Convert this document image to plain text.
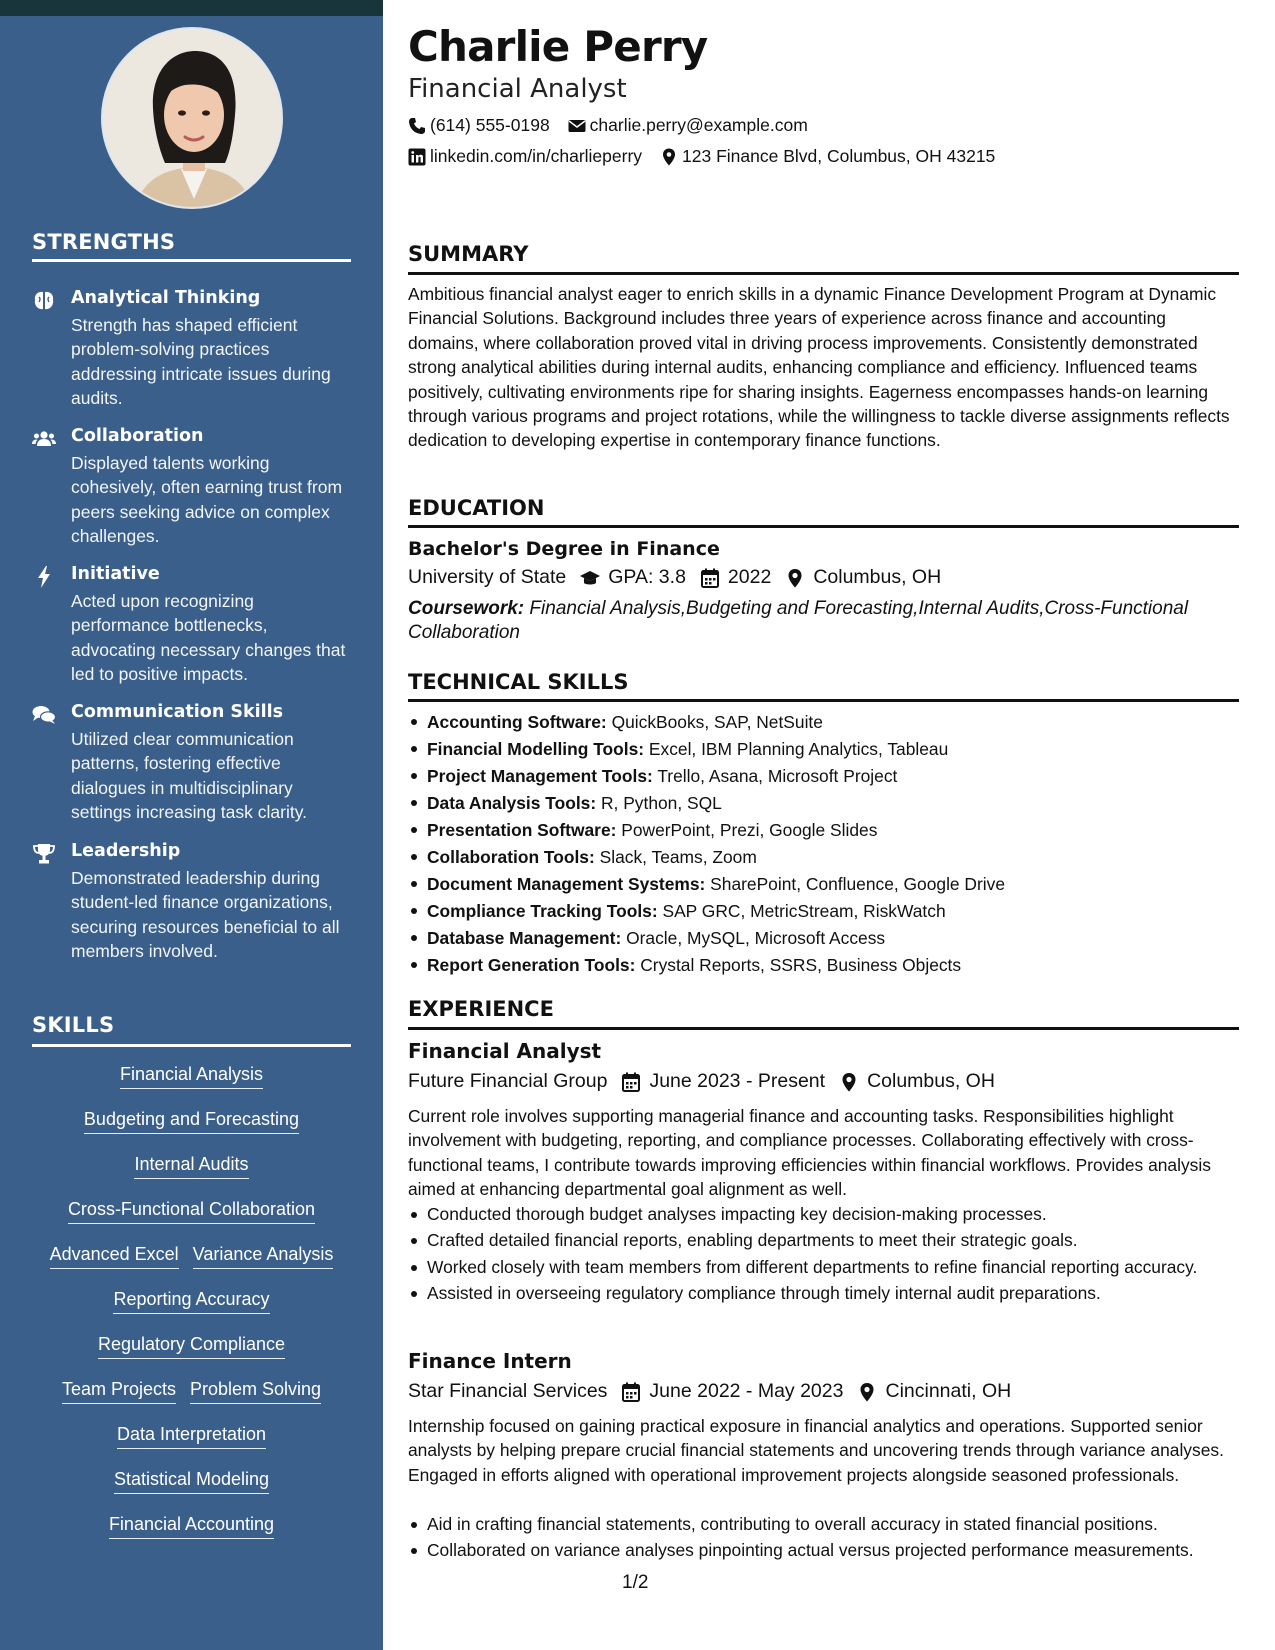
STRENGTHS
Analytical Thinking
Strength has shaped efficient problem-solving practices addressing intricate issues during audits.
Collaboration
Displayed talents working cohesively, often earning trust from peers seeking advice on complex challenges.
Initiative
Acted upon recognizing performance bottlenecks, advocating necessary changes that led to positive impacts.
Communication Skills
Utilized clear communication patterns, fostering effective dialogues in multidisciplinary settings increasing task clarity.
Leadership
Demonstrated leadership during student-led finance organizations, securing resources beneficial to all members involved.
SKILLS
Financial Analysis
Budgeting and Forecasting
Internal Audits
Cross-Functional Collaboration
Advanced Excel Variance Analysis
Reporting Accuracy
Regulatory Compliance
Team Projects Problem Solving
Data Interpretation
Statistical Modeling
Financial Accounting
Charlie Perry
Financial Analyst
(614) 555-0198 charlie.perry@example.com
linkedin.com/in/charlieperry 123 Finance Blvd, Columbus, OH 43215
SUMMARY
Ambitious financial analyst eager to enrich skills in a dynamic Finance Development Program at Dynamic Financial Solutions. Background includes three years of experience across finance and accounting domains, where collaboration proved vital in driving process improvements. Consistently demonstrated strong analytical abilities during internal audits, enhancing compliance and efficiency. Influenced teams positively, cultivating environments ripe for sharing insights. Eagerness encompasses hands-on learning through various programs and project rotations, while the willingness to tackle diverse assignments reflects dedication to developing expertise in contemporary finance functions.
EDUCATION
Bachelor's Degree in Finance
University of State GPA: 3.8 2022 Columbus, OH
Coursework: Financial Analysis,Budgeting and Forecasting,Internal Audits,Cross-Functional Collaboration
TECHNICAL SKILLS
Accounting Software: QuickBooks, SAP, NetSuite
Financial Modelling Tools: Excel, IBM Planning Analytics, Tableau
Project Management Tools: Trello, Asana, Microsoft Project
Data Analysis Tools: R, Python, SQL
Presentation Software: PowerPoint, Prezi, Google Slides
Collaboration Tools: Slack, Teams, Zoom
Document Management Systems: SharePoint, Confluence, Google Drive
Compliance Tracking Tools: SAP GRC, MetricStream, RiskWatch
Database Management: Oracle, MySQL, Microsoft Access
Report Generation Tools: Crystal Reports, SSRS, Business Objects
EXPERIENCE
Financial Analyst
Future Financial Group June 2023 - Present Columbus, OH
Current role involves supporting managerial finance and accounting tasks. Responsibilities highlight involvement with budgeting, reporting, and compliance processes. Collaborating effectively with cross-functional teams, I contribute towards improving efficiencies within financial workflows. Provides analysis aimed at enhancing departmental goal alignment as well.
Conducted thorough budget analyses impacting key decision-making processes.
Crafted detailed financial reports, enabling departments to meet their strategic goals.
Worked closely with team members from different departments to refine financial reporting accuracy.
Assisted in overseeing regulatory compliance through timely internal audit preparations.
Finance Intern
Star Financial Services June 2022 - May 2023 Cincinnati, OH
Internship focused on gaining practical exposure in financial analytics and operations. Supported senior analysts by helping prepare crucial financial statements and uncovering trends through variance analyses. Engaged in efforts aligned with operational improvement projects alongside seasoned professionals.
Aid in crafting financial statements, contributing to overall accuracy in stated financial positions.
Collaborated on variance analyses pinpointing actual versus projected performance measurements.
1/2
